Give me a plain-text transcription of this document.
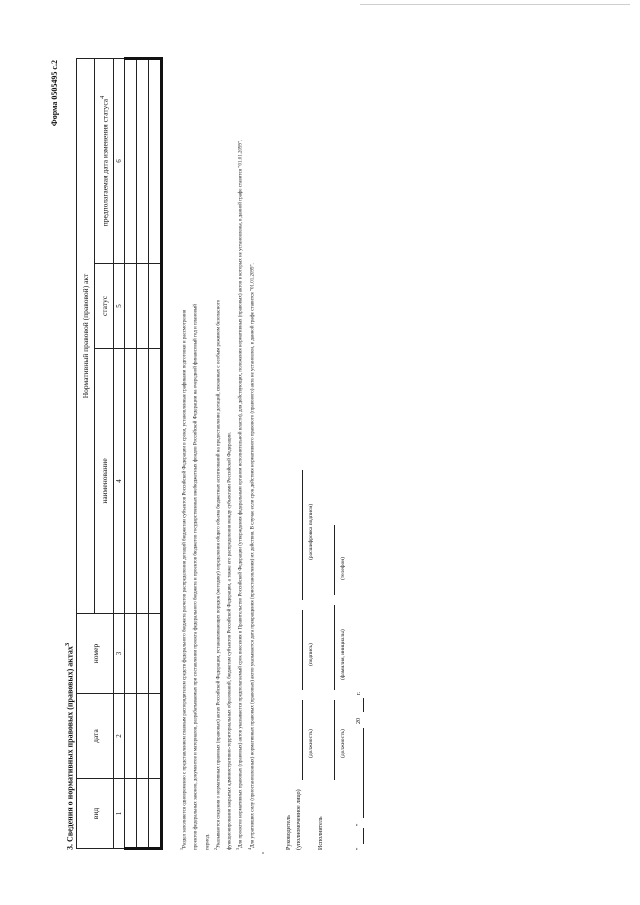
Форма 0505495 с.2
3. Сведения о нормативных правовых (правовых) актах$^3$
вид	дата	номер	Нормативный правовой (правовой) акт		
			наименование	статус	предполагаемая дата изменения статуса$^4$
1	2	3	4	5	6

$^1$Раздел заполняется одновременно с представлением главным распорядителем средств федерального бюджета расчетов распределения дотаций бюджетам субъектов Российской Федерации в сроки, установленные графиками подготовки и рассмотрения	проектов федеральных законов, документов и материалов, разрабатываемых при составлении проекта федерального бюджета и проектов бюджетов государственных внебюджетных фондов Российской Федерации на очередной финансовый год и плановый	период. $^2$Указываются сведения о нормативных правовых (правовых) актах Российской Федерации, устанавливающих порядок (методику) определения общего объема бюджетных ассигнований на предоставление дотаций, связанных с особым режимом безопасного	функционирования закрытых административно-территориальных образований, бюджетам субъектов Российской Федерации, а также его распределения между субъектами Российской Федерации. $^3$Для проектов нормативных правовых (правовых) актов указывается предполагаемый срок внесения в Правительство Российской Федерации (утверждения федеральным органом исполнительной власти), для действующих, положения нормативных (правовых) актов в которых не установлены, в данной графе ставится "01.01.2099".

$^4$Для утративших силу (приостановленных) нормативных правовых (правовых) актов указывается дата прекращения (приостановления) их действия. В случае если срок действия нормативного правового (правового) акта не установлен, в данной графе ставится "01.01.2099".	Руководитель (уполномоченное лицо)
(должность)
(подпись)
(расшифровка подписи)
Исполнитель
(должность)
(фамилия, инициалы)
(телефон)
"
"
20
г.
